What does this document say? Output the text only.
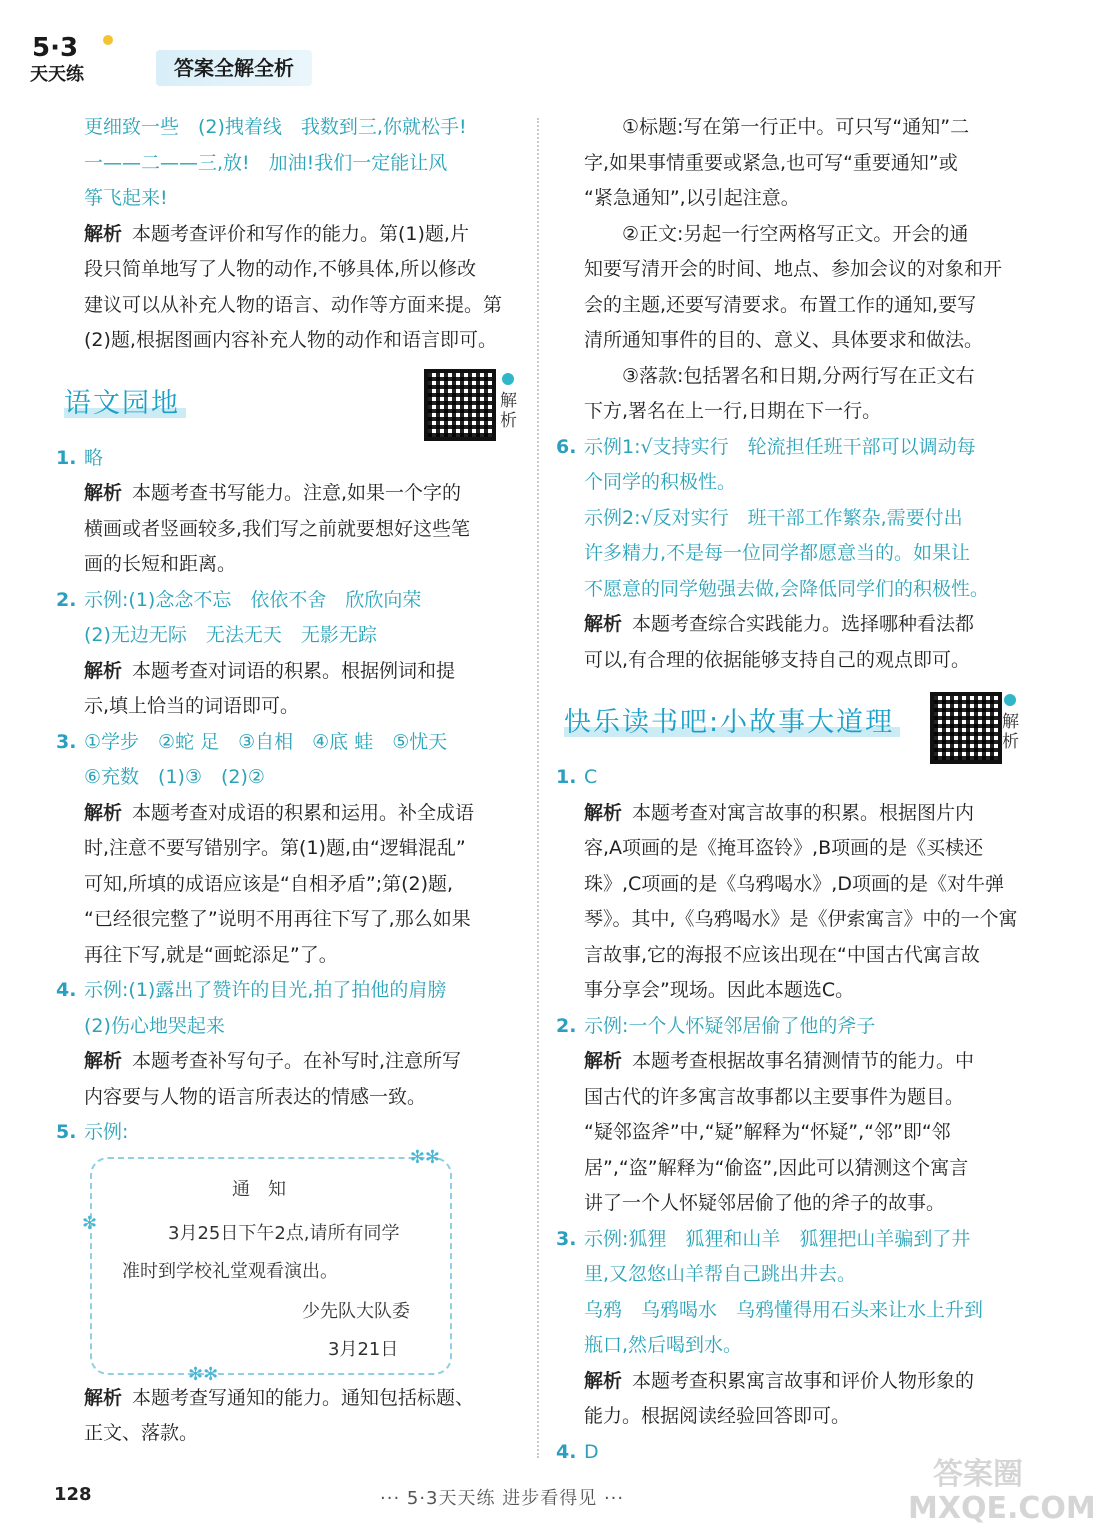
5·3
天天练	答案全解全析
更细致一些　(2)拽着线　我数到三,你就松手!
一——二——三,放!　加油!我们一定能让风
筝飞起来!
解析 本题考查评价和写作的能力。第(1)题,片
段只简单地写了人物的动作,不够具体,所以修改
建议可以从补充人物的语言、动作等方面来提。第
(2)题,根据图画内容补充人物的动作和语言即可。
语文园地	解析
1. 略
解析 本题考查书写能力。注意,如果一个字的
横画或者竖画较多,我们写之前就要想好这些笔
画的长短和距离。
2. 示例:(1)念念不忘　依依不舍　欣欣向荣
(2)无边无际　无法无天　无影无踪
解析 本题考查对词语的积累。根据例词和提
示,填上恰当的词语即可。
3. ①学步　②蛇 足　③自相　④底 蛙　⑤忧天
⑥充数　(1)③　(2)②
解析 本题考查对成语的积累和运用。补全成语
时,注意不要写错别字。第(1)题,由“逻辑混乱”
可知,所填的成语应该是“自相矛盾”;第(2)题,
“已经很完整了”说明不用再往下写了,那么如果
再往下写,就是“画蛇添足”了。
4. 示例:(1)露出了赞许的目光,拍了拍他的肩膀
(2)伤心地哭起来
解析 本题考查补写句子。在补写时,注意所写
内容要与人物的语言所表达的情感一致。
5. 示例:
✻✻
✻
✻✻
通知
3月25日下午2点,请所有同学
准时到学校礼堂观看演出。
少先队大队委
3月21日
解析 本题考查写通知的能力。通知包括标题、
正文、落款。
①标题:写在第一行正中。可只写“通知”二
字,如果事情重要或紧急,也可写“重要通知”或
“紧急通知”,以引起注意。
②正文:另起一行空两格写正文。开会的通
知要写清开会的时间、地点、参加会议的对象和开
会的主题,还要写清要求。布置工作的通知,要写
清所通知事件的目的、意义、具体要求和做法。
③落款:包括署名和日期,分两行写在正文右
下方,署名在上一行,日期在下一行。
6. 示例1:√支持实行　轮流担任班干部可以调动每
个同学的积极性。
示例2:√反对实行　班干部工作繁杂,需要付出
许多精力,不是每一位同学都愿意当的。如果让
不愿意的同学勉强去做,会降低同学们的积极性。
解析 本题考查综合实践能力。选择哪种看法都
可以,有合理的依据能够支持自己的观点即可。
快乐读书吧:小故事大道理	解析
1. C
解析 本题考查对寓言故事的积累。根据图片内
容,A项画的是《掩耳盗铃》,B项画的是《买椟还
珠》,C项画的是《乌鸦喝水》,D项画的是《对牛弹
琴》。其中,《乌鸦喝水》是《伊索寓言》中的一个寓
言故事,它的海报不应该出现在“中国古代寓言故
事分享会”现场。因此本题选C。
2. 示例:一个人怀疑邻居偷了他的斧子
解析 本题考查根据故事名猜测情节的能力。中
国古代的许多寓言故事都以主要事件为题目。
“疑邻盗斧”中,“疑”解释为“怀疑”,“邻”即“邻
居”,“盗”解释为“偷盗”,因此可以猜测这个寓言
讲了一个人怀疑邻居偷了他的斧子的故事。
3. 示例:狐狸　狐狸和山羊　狐狸把山羊骗到了井
里,又忽悠山羊帮自己跳出井去。
乌鸦　乌鸦喝水　乌鸦懂得用石头来让水上升到
瓶口,然后喝到水。
解析 本题考查积累寓言故事和评价人物形象的
能力。根据阅读经验回答即可。
4. D
128	··· 5·3天天练 进步看得见 ···
答案圈 MXQE.COM
